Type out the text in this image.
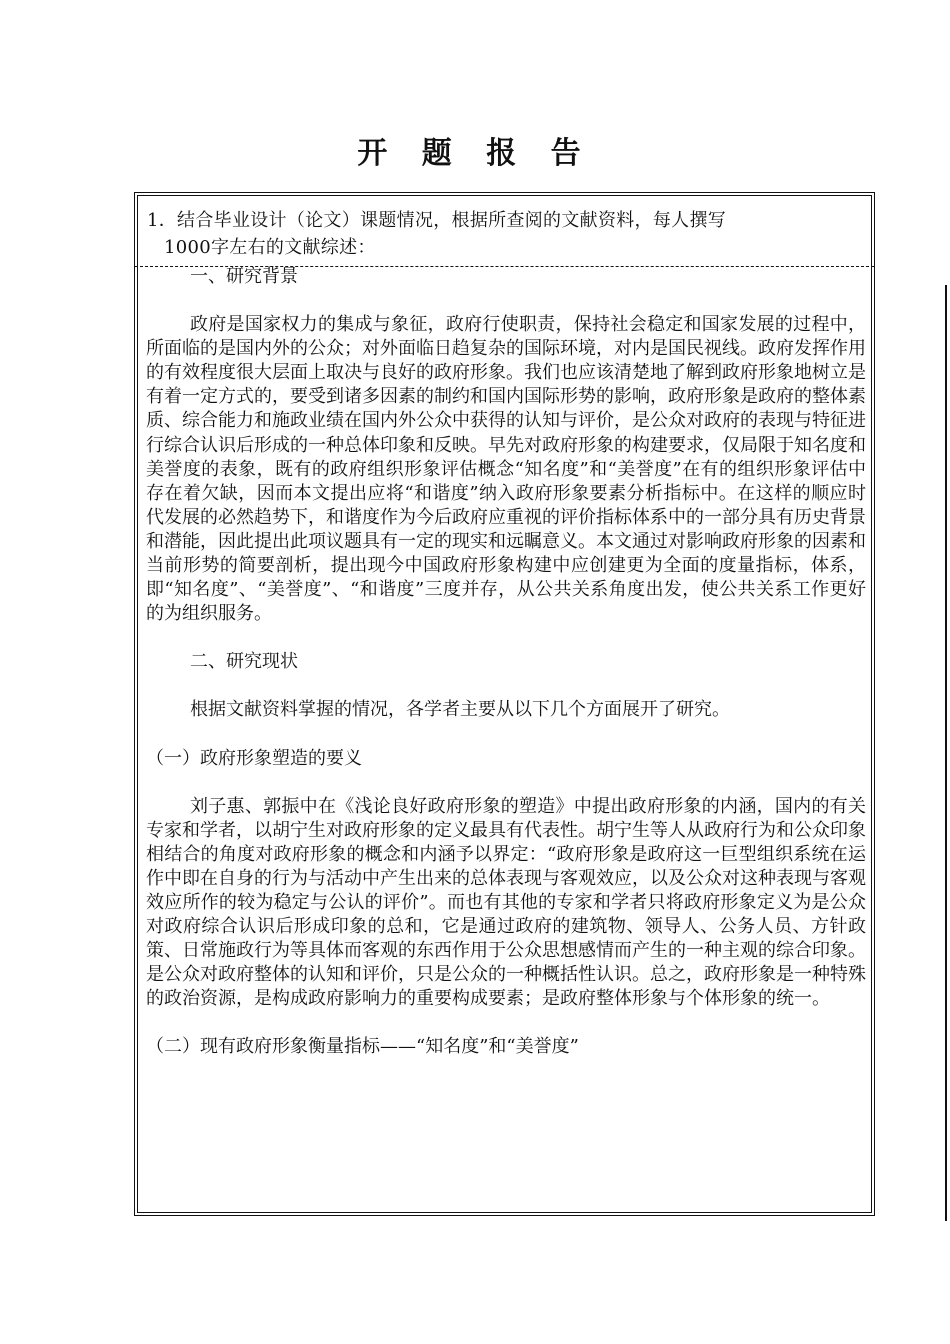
开 题 报 告
1．结合毕业设计（论文）课题情况，根据所查阅的文献资料，每人撰写
1000字左右的文献综述：

一、研究背景

政府是国家权力的集成与象征，政府行使职责，保持社会稳定和国家发展的过程中，所面临的是国内外的公众；对外面临日趋复杂的国际环境，对内是国民视线。政府发挥作用的有效程度很大层面上取决与良好的政府形象。我们也应该清楚地了解到政府形象地树立是有着一定方式的，要受到诸多因素的制约和国内国际形势的影响，政府形象是政府的整体素质、综合能力和施政业绩在国内外公众中获得的认知与评价，是公众对政府的表现与特征进行综合认识后形成的一种总体印象和反映。早先对政府形象的构建要求，仅局限于知名度和美誉度的表象，既有的政府组织形象评估概念“知名度”和“美誉度”在有的组织形象评估中存在着欠缺，因而本文提出应将“和谐度”纳入政府形象要素分析指标中。在这样的顺应时代发展的必然趋势下，和谐度作为今后政府应重视的评价指标体系中的一部分具有历史背景和潜能，因此提出此项议题具有一定的现实和远瞩意义。本文通过对影响政府形象的因素和当前形势的简要剖析，提出现今中国政府形象构建中应创建更为全面的度量指标，体系，即“知名度”、“美誉度”、“和谐度”三度并存，从公共关系角度出发，使公共关系工作更好的为组织服务。

二、研究现状

根据文献资料掌握的情况，各学者主要从以下几个方面展开了研究。

（一）政府形象塑造的要义

刘子惠、郭振中在《浅论良好政府形象的塑造》中提出政府形象的内涵，国内的有关专家和学者，以胡宁生对政府形象的定义最具有代表性。胡宁生等人从政府行为和公众印象相结合的角度对政府形象的概念和内涵予以界定：“政府形象是政府这一巨型组织系统在运作中即在自身的行为与活动中产生出来的总体表现与客观效应，以及公众对这种表现与客观效应所作的较为稳定与公认的评价”。而也有其他的专家和学者只将政府形象定义为是公众对政府综合认识后形成印象的总和，它是通过政府的建筑物、领导人、公务人员、方针政策、日常施政行为等具体而客观的东西作用于公众思想感情而产生的一种主观的综合印象。是公众对政府整体的认知和评价，只是公众的一种概括性认识。总之，政府形象是一种特殊的政治资源，是构成政府影响力的重要构成要素；是政府整体形象与个体形象的统一。

（二）现有政府形象衡量指标——“知名度”和“美誉度”
